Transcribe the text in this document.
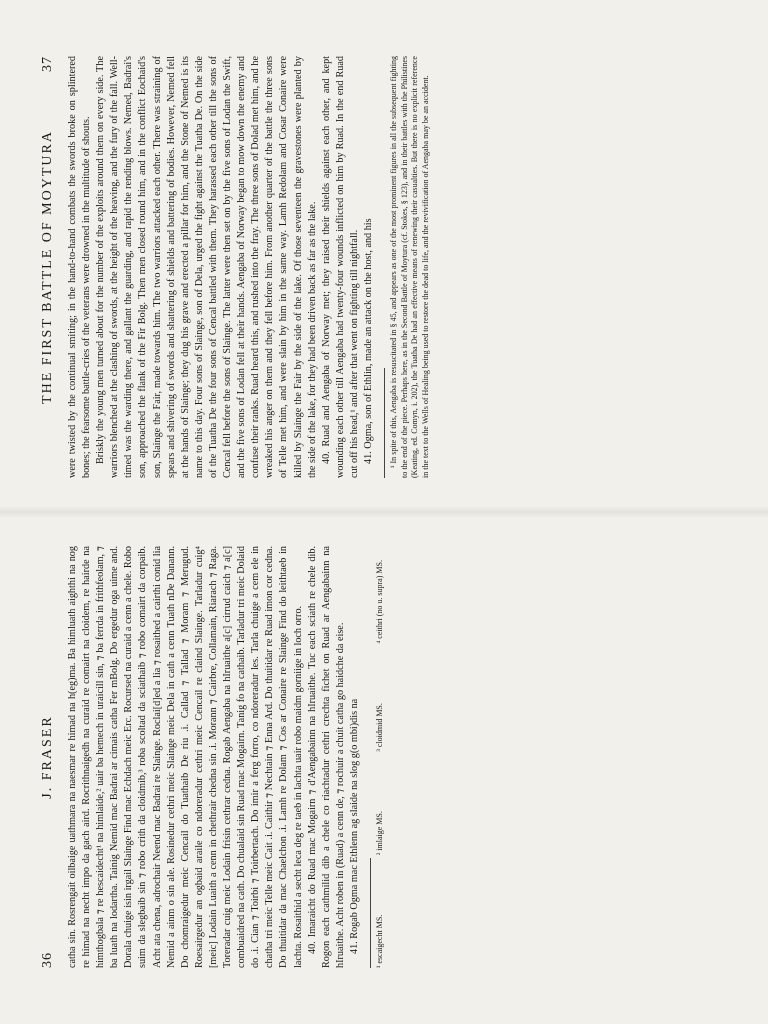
36
J. FRASER catha sin. Rosrengait oilbaige uathmara na naesmar re himad na h(eg)ma. Ba himluath aighthi na nog re himad na necht impo da gach aird. Rocrithnaigedh na curaid re comairt na cloidem, re hairde na himthogbala ⁊ re hescaidecht¹ na himlaide,² uair ba hemech in uraicill sin, ⁊ ba ferrda in frithfeolam, ⁊ ba luath na lodartha. Tainig Nemid mac Badrai ar cimais catha Fer mBolg. Do ergedur oga uime and. Dorala chuige isin irgail Slainge Find mac Echdach meic Erc. Rocursed na curaid a cenn a chele. Robo suim da slegbaib sin ⁊ robo crith da cloidmib,³ roba scoltad da sciathaib ⁊ robo comairt da corpaib. Acht ata chena, adrochair Neend mac Badrai re Slainge. Roclai[d]ed a lia ⁊ rosaithed a cairthi conid lia Nemid a ainm o sin ale. Rosinedur cethri meic Slainge meic Dela in cath a cenn Tuath nDe Danann. Do chomraigedur meic Cencail do Tuathaib De riu .i. Callad ⁊ Tallad ⁊ Moram ⁊ Merugud. Roesairgedur an ogbaid araile co ndoreradur cethri meic Cencail re claind Slainge. Tarladur cuig⁴ [meic] Lodain Luaith a cenn in chethrair chedna sin .i. Morann ⁊ Cairbre, Collamain, Riarach ⁊ Raga. Toreradar cuig meic Lodain frisin cethrar cedna. Rogab Aengaba na hIruaithe a[c] cirrud caich ⁊ a[c] combuaidred na cath. Do chualaid sin Ruad mac Mogairn. Tanig fo na cathaib. Tarladur tri meic Dolaid do .i. Cian ⁊ Toirbi ⁊ Toirbertach. Do imir a ferg forro, co ndoreradur les. Tarla chuige a cem ele in chatha tri meic Telle meic Cait .i. Caithir ⁊ Nechtain ⁊ Enna Ard. Do thuitidar re Ruad imon cor cedna. Do thuitidar da mac Chaelchon .i. Lamh re Dolam ⁊ Cos ar Conaire re Slainge Find do leithtaeb in lachta. Rosaithid a secht leca deg re taeb in lachta uair robo maidm gorniige in loch orro. 40. Imaraicht do Ruad mac Mogairn ⁊ d'Aengabainn na hIruaithe. Tuc each sciath re chele dib. Rogon each cathmilid dib a chele co riachtadur cethri crechta fichet on Ruad ar Aengabainn na hIruaithe. Acht roben in (Ruad) a cenn de, ⁊ rochuir a chuit catha go haidche da eise. 41. Rogab Ogma mac Ethlenn ag slaide na slog g(o mbi)dis na ¹ escaigecht MS.
² imlaige MS.
³ cloidmid MS.
⁴ ceithri (no u. supra) MS.
THE FIRST BATTLE OF MOYTURA
37 were twisted by the continual smiting; in the hand-to-hand combats the swords broke on splintered bones; the fearsome battle-cries of the veterans were drowned in the multitude of shouts. Briskly the young men turned about for the number of the exploits around them on every side. The warriors blenched at the clashing of swords, at the height of the heaving, and the fury of the fall. Well-timed was the warding there, and gallant the guarding, and rapid the rending blows. Nemed, Badrai's son, approached the flank of the Fir Bolg. Then men closed round him, and in the conflict Eochaid's son, Slainge the Fair, made towards him. The two warriors attacked each other. There was straining of spears and shivering of swords and shattering of shields and battering of bodies. However, Nemed fell at the hands of Slainge; they dug his grave and erected a pillar for him, and the Stone of Nemed is its name to this day. Four sons of Slainge, son of Dela, urged the fight against the Tuatha De. On the side of the Tuatha De the four sons of Cencal battled with them. They harassed each other till the sons of Cencal fell before the sons of Slainge. The latter were then set on by the five sons of Lodan the Swift, and the five sons of Lodan fell at their hands. Aengaba of Norway began to mow down the enemy and confuse their ranks. Ruad heard this, and rushed into the fray. The three sons of Dolad met him, and he wreaked his anger on them and they fell before him. From another quarter of the battle the three sons of Telle met him, and were slain by him in the same way. Lamh Redolam and Cosar Conaire were killed by Slainge the Fair by the side of the lake. Of those seventeen the gravestones were planted by the side of the lake, for they had been driven back as far as the lake. 40. Ruad and Aengaba of Norway met; they raised their shields against each other, and kept wounding each other till Aengaba had twenty-four wounds inflicted on him by Ruad. In the end Ruad cut off his head,¹ and after that went on fighting till nightfall. 41. Ogma, son of Ethlin, made an attack on the host, and his ¹ In spite of this, Aengaba is resuscitated in § 45, and appears as one of the most prominent figures in all the subsequent fighting to the end of the piece. Perhaps here, as in the Second Battle of Moytura (cf. Stokes, § 123), and in their battles with the Philistines (Keating, ed. Comyn, i. 202), the Tuatha De had an effective means of renewing their casualties. But there is no explicit reference in the text to the Wells of Healing being used to restore the dead to life, and the revivification of Aengaba may be an accident.
